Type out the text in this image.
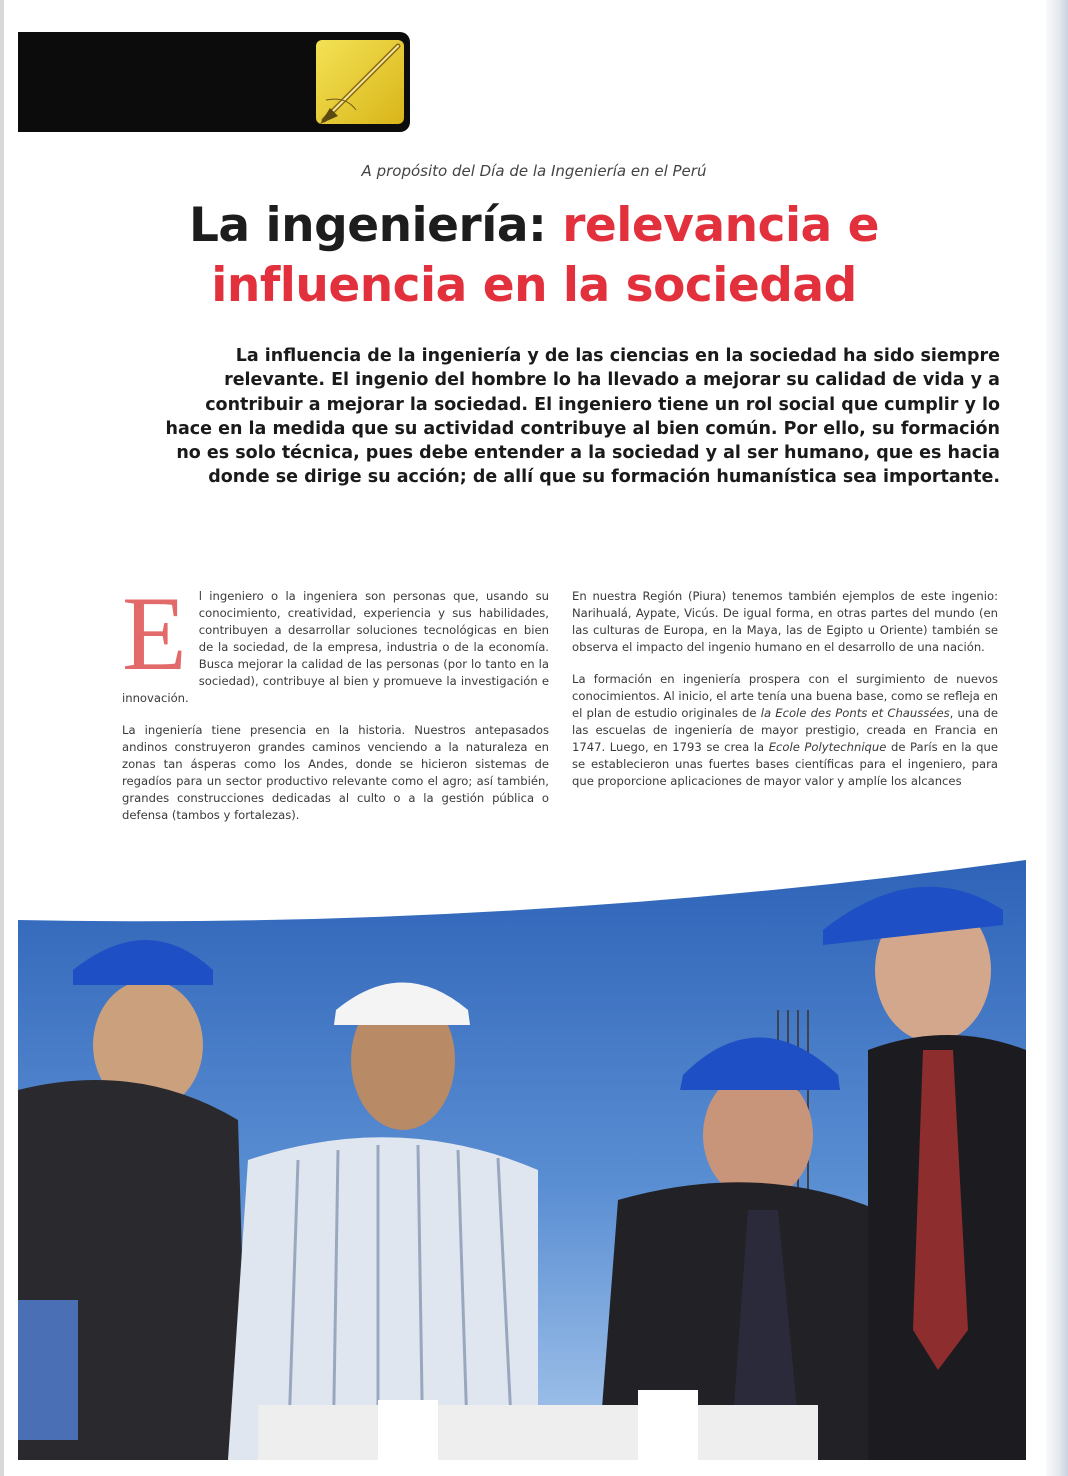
Ing. William Ipanaqué Alama
Doctor de la Facultad de Ingeniería.
UDEP, Universidad de Piura
A propósito del Día de la Ingeniería en el Perú
La ingeniería: relevancia e
influencia en la sociedad
La influencia de la ingeniería y de las ciencias en la sociedad ha sido siempre
relevante. El ingenio del hombre lo ha llevado a mejorar su calidad de vida y a
contribuir a mejorar la sociedad. El ingeniero tiene un rol social que cumplir y lo
hace en la medida que su actividad contribuye al bien común. Por ello, su formación
no es solo técnica, pues debe entender a la sociedad y al ser humano, que es hacia
donde se dirige su acción; de allí que su formación humanística sea importante.

E l ingeniero o la ingeniera son personas que, usando su conocimiento, creatividad, experiencia y sus habilidades, contribuyen a desarrollar soluciones tecnológicas en bien de la sociedad, de la empresa, industria o de la economía. Busca mejorar la calidad de las personas (por lo tanto en la sociedad), contribuye al bien y promueve la investigación e innovación.

La ingeniería tiene presencia en la historia. Nuestros antepasados andinos construyeron grandes caminos venciendo a la naturaleza en zonas tan ásperas como los Andes, donde se hicieron sistemas de regadíos para un sector productivo relevante como el agro; así también, grandes construcciones dedicadas al culto o a la gestión pública o defensa (tambos y fortalezas).

En nuestra Región (Piura) tenemos también ejemplos de este ingenio: Narihualá, Aypate, Vicús. De igual forma, en otras partes del mundo (en las culturas de Europa, en la Maya, las de Egipto u Oriente) también se observa el impacto del ingenio humano en el desarrollo de una nación.

La formación en ingeniería prospera con el surgimiento de nuevos conocimientos. Al inicio, el arte tenía una buena base, como se refleja en el plan de estudio originales de la Ecole des Ponts et Chaussées, una de las escuelas de ingeniería de mayor prestigio, creada en Francia en 1747. Luego, en 1793 se crea la Ecole Polytechnique de París en la que se establecieron unas fuertes bases científicas para el ingeniero, para que proporcione aplicaciones de mayor valor y amplíe los alcances
